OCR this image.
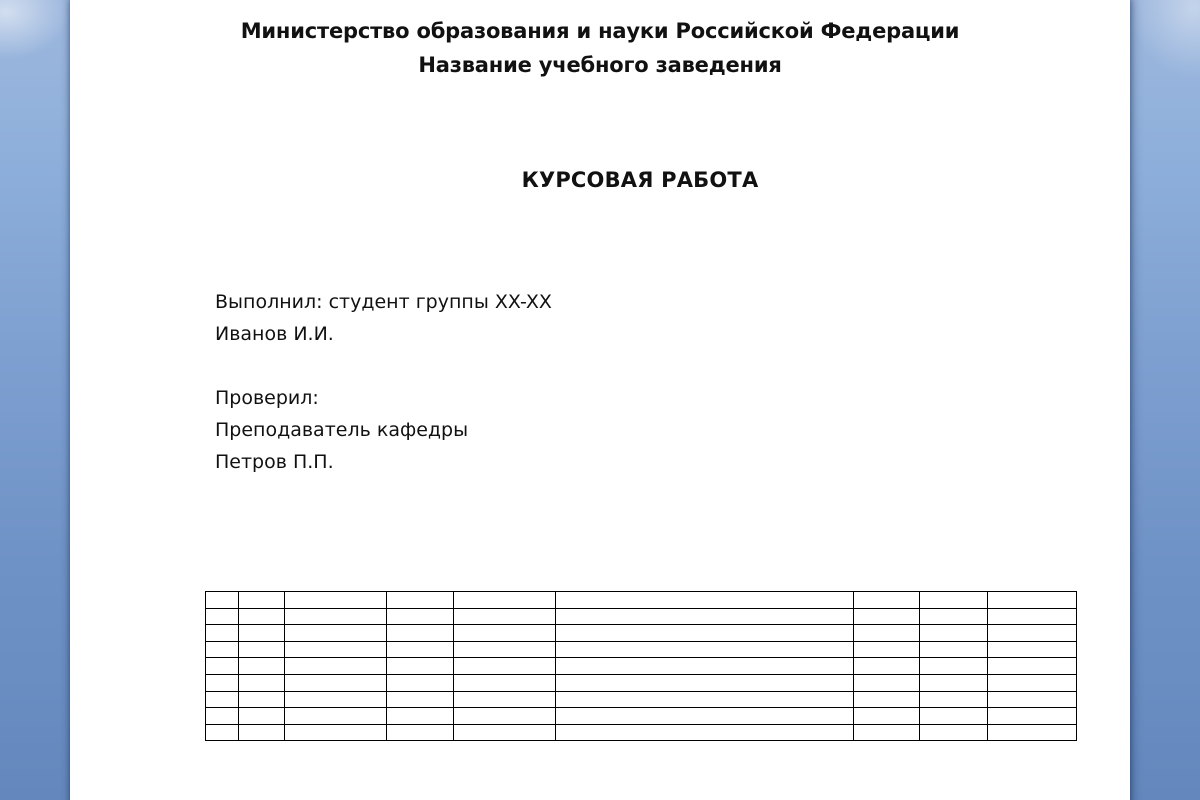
Министерство образования и науки Российской Федерации
Название учебного заведения
КУРСОВАЯ РАБОТА
Выполнил: студент группы XX-XX
Иванов И.И.
Проверил:
Преподаватель кафедры
Петров П.П.
